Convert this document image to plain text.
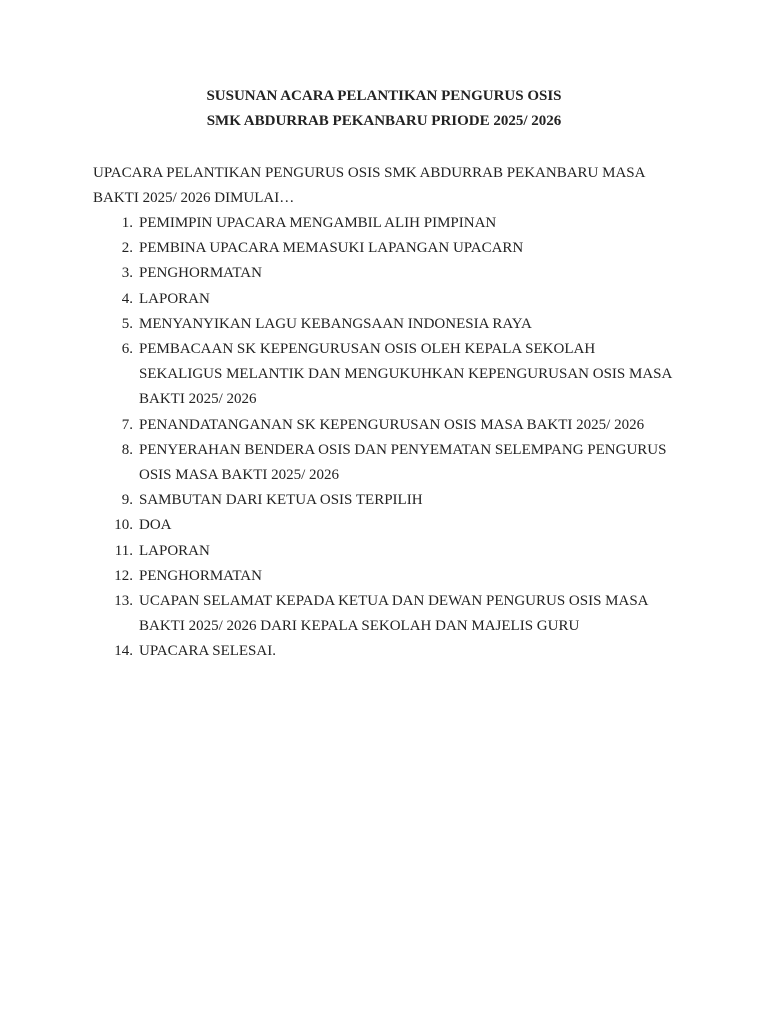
SUSUNAN ACARA PELANTIKAN PENGURUS OSIS

SMK ABDURRAB PEKANBARU PRIODE 2025/ 2026

UPACARA PELANTIKAN PENGURUS OSIS SMK ABDURRAB PEKANBARU MASA BAKTI 2025/ 2026 DIMULAI…

1. PEMIMPIN UPACARA MENGAMBIL ALIH PIMPINAN
2. PEMBINA UPACARA MEMASUKI LAPANGAN UPACARN
3. PENGHORMATAN
4. LAPORAN
5. MENYANYIKAN LAGU KEBANGSAAN INDONESIA RAYA
6. PEMBACAAN SK KEPENGURUSAN OSIS OLEH KEPALA SEKOLAH SEKALIGUS MELANTIK DAN MENGUKUHKAN KEPENGURUSAN OSIS MASA BAKTI 2025/ 2026
7. PENANDATANGANAN SK KEPENGURUSAN OSIS MASA BAKTI 2025/ 2026
8. PENYERAHAN BENDERA OSIS DAN PENYEMATAN SELEMPANG PENGURUS OSIS MASA BAKTI 2025/ 2026
9. SAMBUTAN DARI KETUA OSIS TERPILIH
10. DOA
11. LAPORAN
12. PENGHORMATAN
13. UCAPAN SELAMAT KEPADA KETUA DAN DEWAN PENGURUS OSIS MASA BAKTI 2025/ 2026 DARI KEPALA SEKOLAH DAN MAJELIS GURU
14. UPACARA SELESAI.
